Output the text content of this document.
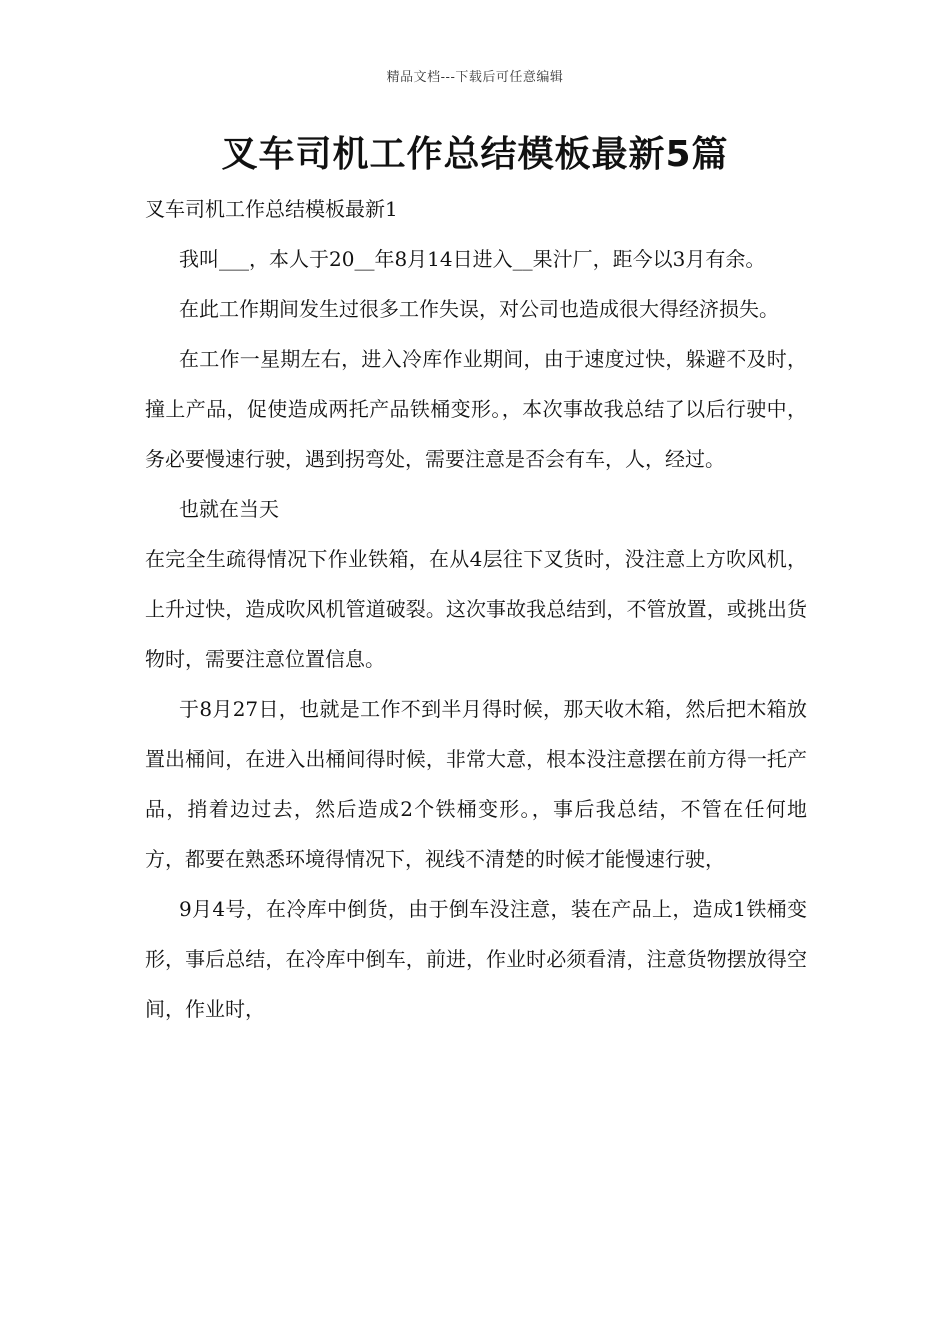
精品文档---下载后可任意编辑
叉车司机工作总结模板最新5篇

叉车司机工作总结模板最新1

我叫___，本人于20__年8月14日进入__果汁厂，距今以3月有余。

在此工作期间发生过很多工作失误，对公司也造成很大得经济损失。

在工作一星期左右，进入冷库作业期间，由于速度过快，躲避不及时，撞上产品，促使造成两托产品铁桶变形。，本次事故我总结了以后行驶中，务必要慢速行驶，遇到拐弯处，需要注意是否会有车，人，经过。

也就在当天

在完全生疏得情况下作业铁箱，在从4层往下叉货时，没注意上方吹风机，上升过快，造成吹风机管道破裂。这次事故我总结到，不管放置，或挑出货物时，需要注意位置信息。

于8月27日，也就是工作不到半月得时候，那天收木箱，然后把木箱放置出桶间，在进入出桶间得时候，非常大意，根本没注意摆在前方得一托产品，捎着边过去，然后造成2个铁桶变形。，事后我总结，不管在任何地方，都要在熟悉环境得情况下，视线不清楚的时候才能慢速行驶，

9月4号，在冷库中倒货，由于倒车没注意，装在产品上，造成1铁桶变形，事后总结，在冷库中倒车，前进，作业时必须看清，注意货物摆放得空间，作业时，
